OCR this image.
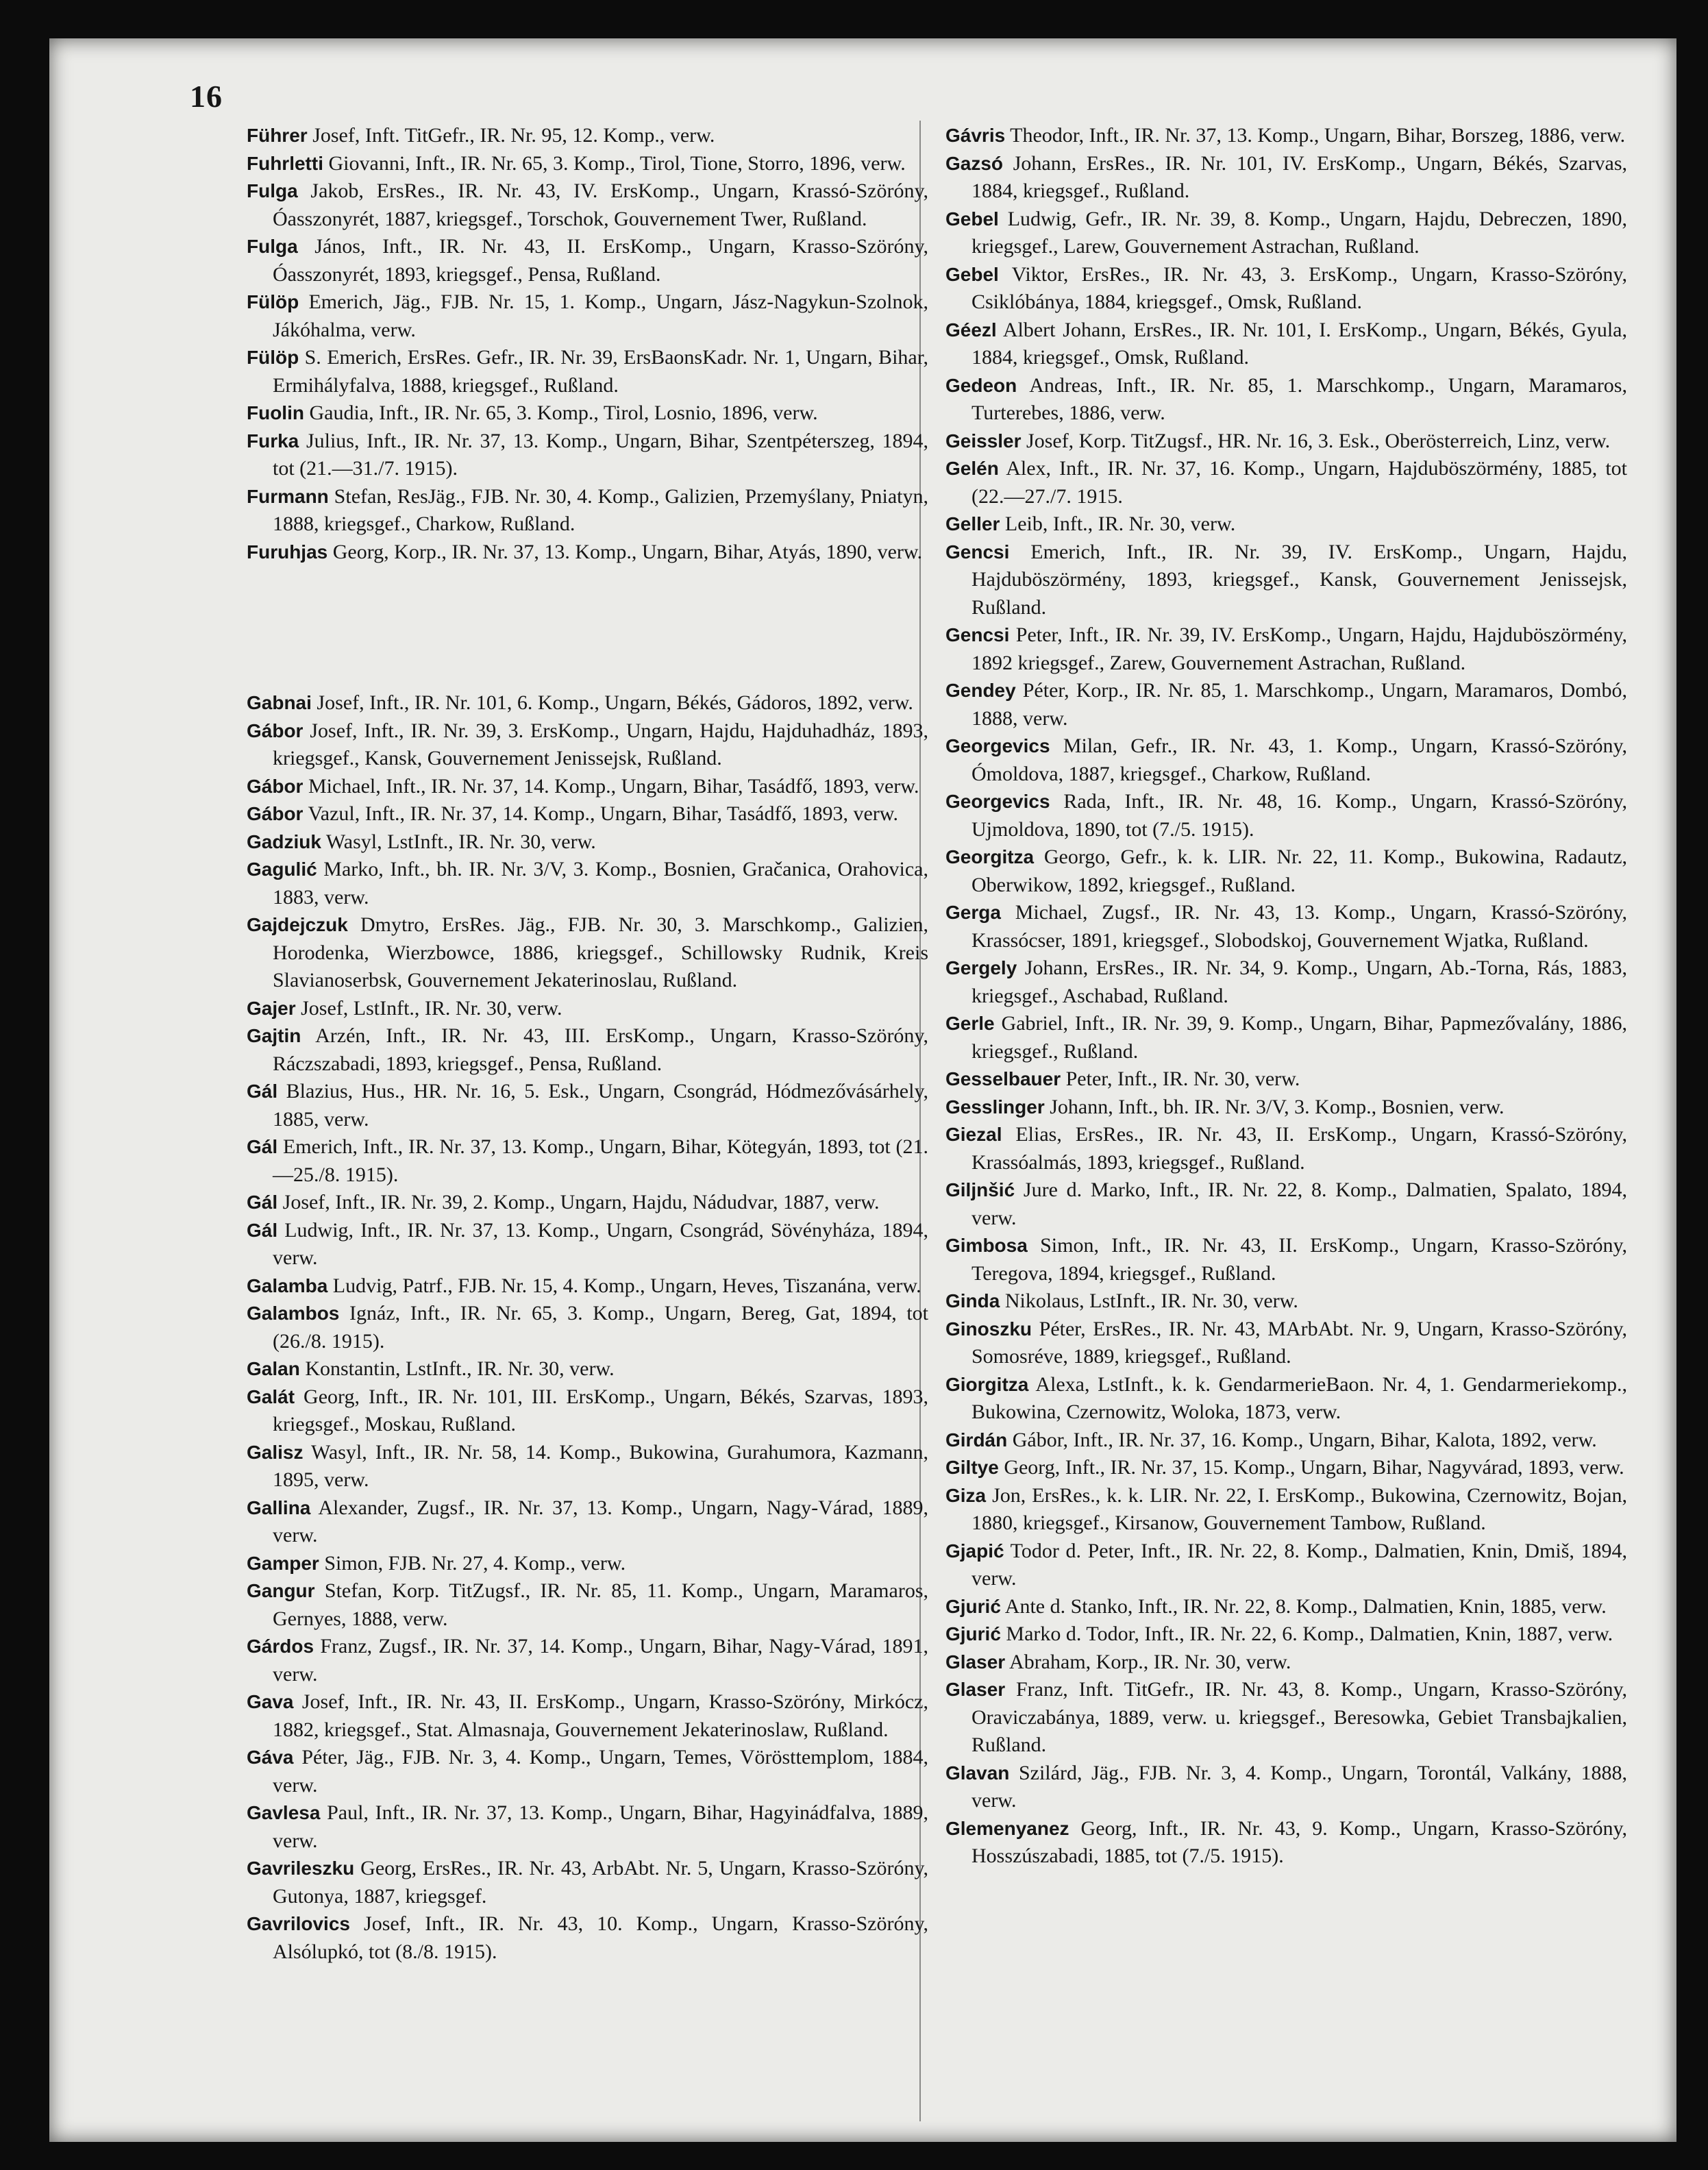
16
Führer Josef, Inft. TitGefr., IR. Nr. 95, 12. Komp., verw.
Fuhrletti Giovanni, Inft., IR. Nr. 65, 3. Komp., Tirol, Tione, Storro, 1896, verw.
Fulga Jakob, ErsRes., IR. Nr. 43, IV. ErsKomp., Ungarn, Krassó-Szöróny, Óasszonyrét, 1887, kriegsgef., Torschok, Gouvernement Twer, Rußland.
Fulga János, Inft., IR. Nr. 43, II. ErsKomp., Ungarn, Krasso-Szöróny, Óasszonyrét, 1893, kriegsgef., Pensa, Rußland.
Fülöp Emerich, Jäg., FJB. Nr. 15, 1. Komp., Ungarn, Jász-Nagykun-Szolnok, Jákóhalma, verw.
Fülöp S. Emerich, ErsRes. Gefr., IR. Nr. 39, ErsBaonsKadr. Nr. 1, Ungarn, Bihar, Ermihályfalva, 1888, kriegsgef., Rußland.
Fuolin Gaudia, Inft., IR. Nr. 65, 3. Komp., Tirol, Losnio, 1896, verw.
Furka Julius, Inft., IR. Nr. 37, 13. Komp., Ungarn, Bihar, Szentpéterszeg, 1894, tot (21.—31./7. 1915).
Furmann Stefan, ResJäg., FJB. Nr. 30, 4. Komp., Galizien, Przemyślany, Pniatyn, 1888, kriegsgef., Charkow, Rußland.
Furuhjas Georg, Korp., IR. Nr. 37, 13. Komp., Ungarn, Bihar, Atyás, 1890, verw.
Gabnai Josef, Inft., IR. Nr. 101, 6. Komp., Ungarn, Békés, Gádoros, 1892, verw.
Gábor Josef, Inft., IR. Nr. 39, 3. ErsKomp., Ungarn, Hajdu, Hajduhadház, 1893, kriegsgef., Kansk, Gouvernement Jenissejsk, Rußland.
Gábor Michael, Inft., IR. Nr. 37, 14. Komp., Ungarn, Bihar, Tasádfő, 1893, verw.
Gábor Vazul, Inft., IR. Nr. 37, 14. Komp., Ungarn, Bihar, Tasádfő, 1893, verw.
Gadziuk Wasyl, LstInft., IR. Nr. 30, verw.
Gagulić Marko, Inft., bh. IR. Nr. 3/V, 3. Komp., Bosnien, Gračanica, Orahovica, 1883, verw.
Gajdejczuk Dmytro, ErsRes. Jäg., FJB. Nr. 30, 3. Marschkomp., Galizien, Horodenka, Wierzbowce, 1886, kriegsgef., Schillowsky Rudnik, Kreis Slavianoserbsk, Gouvernement Jekaterinoslau, Rußland.
Gajer Josef, LstInft., IR. Nr. 30, verw.
Gajtin Arzén, Inft., IR. Nr. 43, III. ErsKomp., Ungarn, Krasso-Szöróny, Ráczszabadi, 1893, kriegsgef., Pensa, Rußland.
Gál Blazius, Hus., HR. Nr. 16, 5. Esk., Ungarn, Csongrád, Hódmezővásárhely, 1885, verw.
Gál Emerich, Inft., IR. Nr. 37, 13. Komp., Ungarn, Bihar, Kötegyán, 1893, tot (21.—25./8. 1915).
Gál Josef, Inft., IR. Nr. 39, 2. Komp., Ungarn, Hajdu, Nádudvar, 1887, verw.
Gál Ludwig, Inft., IR. Nr. 37, 13. Komp., Ungarn, Csongrád, Sövényháza, 1894, verw.
Galamba Ludvig, Patrf., FJB. Nr. 15, 4. Komp., Ungarn, Heves, Tiszanána, verw.
Galambos Ignáz, Inft., IR. Nr. 65, 3. Komp., Ungarn, Bereg, Gat, 1894, tot (26./8. 1915).
Galan Konstantin, LstInft., IR. Nr. 30, verw.
Galát Georg, Inft., IR. Nr. 101, III. ErsKomp., Ungarn, Békés, Szarvas, 1893, kriegsgef., Moskau, Rußland.
Galisz Wasyl, Inft., IR. Nr. 58, 14. Komp., Bukowina, Gurahumora, Kazmann, 1895, verw.
Gallina Alexander, Zugsf., IR. Nr. 37, 13. Komp., Ungarn, Nagy-Várad, 1889, verw.
Gamper Simon, FJB. Nr. 27, 4. Komp., verw.
Gangur Stefan, Korp. TitZugsf., IR. Nr. 85, 11. Komp., Ungarn, Maramaros, Gernyes, 1888, verw.
Gárdos Franz, Zugsf., IR. Nr. 37, 14. Komp., Ungarn, Bihar, Nagy-Várad, 1891, verw.
Gava Josef, Inft., IR. Nr. 43, II. ErsKomp., Ungarn, Krasso-Szöróny, Mirkócz, 1882, kriegsgef., Stat. Almasnaja, Gouvernement Jekaterinoslaw, Rußland.
Gáva Péter, Jäg., FJB. Nr. 3, 4. Komp., Ungarn, Temes, Vörösttemplom, 1884, verw.
Gavlesa Paul, Inft., IR. Nr. 37, 13. Komp., Ungarn, Bihar, Hagyinádfalva, 1889, verw.
Gavrileszku Georg, ErsRes., IR. Nr. 43, ArbAbt. Nr. 5, Ungarn, Krasso-Szöróny, Gutonya, 1887, kriegsgef.
Gavrilovics Josef, Inft., IR. Nr. 43, 10. Komp., Ungarn, Krasso-Szöróny, Alsólupkó, tot (8./8. 1915).
Gávris Theodor, Inft., IR. Nr. 37, 13. Komp., Ungarn, Bihar, Borszeg, 1886, verw.
Gazsó Johann, ErsRes., IR. Nr. 101, IV. ErsKomp., Ungarn, Békés, Szarvas, 1884, kriegsgef., Rußland.
Gebel Ludwig, Gefr., IR. Nr. 39, 8. Komp., Ungarn, Hajdu, Debreczen, 1890, kriegsgef., Larew, Gouvernement Astrachan, Rußland.
Gebel Viktor, ErsRes., IR. Nr. 43, 3. ErsKomp., Ungarn, Krasso-Szöróny, Csiklóbánya, 1884, kriegsgef., Omsk, Rußland.
Géezl Albert Johann, ErsRes., IR. Nr. 101, I. ErsKomp., Ungarn, Békés, Gyula, 1884, kriegsgef., Omsk, Rußland.
Gedeon Andreas, Inft., IR. Nr. 85, 1. Marschkomp., Ungarn, Maramaros, Turterebes, 1886, verw.
Geissler Josef, Korp. TitZugsf., HR. Nr. 16, 3. Esk., Oberösterreich, Linz, verw.
Gelén Alex, Inft., IR. Nr. 37, 16. Komp., Ungarn, Hajduböszörmény, 1885, tot (22.—27./7. 1915.
Geller Leib, Inft., IR. Nr. 30, verw.
Gencsi Emerich, Inft., IR. Nr. 39, IV. ErsKomp., Ungarn, Hajdu, Hajduböszörmény, 1893, kriegsgef., Kansk, Gouvernement Jenissejsk, Rußland.
Gencsi Peter, Inft., IR. Nr. 39, IV. ErsKomp., Ungarn, Hajdu, Hajduböszörmény, 1892 kriegsgef., Zarew, Gouvernement Astrachan, Rußland.
Gendey Péter, Korp., IR. Nr. 85, 1. Marschkomp., Ungarn, Maramaros, Dombó, 1888, verw.
Georgevics Milan, Gefr., IR. Nr. 43, 1. Komp., Ungarn, Krassó-Szöróny, Ómoldova, 1887, kriegsgef., Charkow, Rußland.
Georgevics Rada, Inft., IR. Nr. 48, 16. Komp., Ungarn, Krassó-Szöróny, Ujmoldova, 1890, tot (7./5. 1915).
Georgitza Georgo, Gefr., k. k. LIR. Nr. 22, 11. Komp., Bukowina, Radautz, Oberwikow, 1892, kriegsgef., Rußland.
Gerga Michael, Zugsf., IR. Nr. 43, 13. Komp., Ungarn, Krassó-Szöróny, Krassócser, 1891, kriegsgef., Slobodskoj, Gouvernement Wjatka, Rußland.
Gergely Johann, ErsRes., IR. Nr. 34, 9. Komp., Ungarn, Ab.-Torna, Rás, 1883, kriegsgef., Aschabad, Rußland.
Gerle Gabriel, Inft., IR. Nr. 39, 9. Komp., Ungarn, Bihar, Papmezővalány, 1886, kriegsgef., Rußland.
Gesselbauer Peter, Inft., IR. Nr. 30, verw.
Gesslinger Johann, Inft., bh. IR. Nr. 3/V, 3. Komp., Bosnien, verw.
Giezal Elias, ErsRes., IR. Nr. 43, II. ErsKomp., Ungarn, Krassó-Szöróny, Krassóalmás, 1893, kriegsgef., Rußland.
Giljnšić Jure d. Marko, Inft., IR. Nr. 22, 8. Komp., Dalmatien, Spalato, 1894, verw.
Gimbosa Simon, Inft., IR. Nr. 43, II. ErsKomp., Ungarn, Krasso-Szöróny, Teregova, 1894, kriegsgef., Rußland.
Ginda Nikolaus, LstInft., IR. Nr. 30, verw.
Ginoszku Péter, ErsRes., IR. Nr. 43, MArbAbt. Nr. 9, Ungarn, Krasso-Szöróny, Somosréve, 1889, kriegsgef., Rußland.
Giorgitza Alexa, LstInft., k. k. GendarmerieBaon. Nr. 4, 1. Gendarmeriekomp., Bukowina, Czernowitz, Woloka, 1873, verw.
Girdán Gábor, Inft., IR. Nr. 37, 16. Komp., Ungarn, Bihar, Kalota, 1892, verw.
Giltye Georg, Inft., IR. Nr. 37, 15. Komp., Ungarn, Bihar, Nagyvárad, 1893, verw.
Giza Jon, ErsRes., k. k. LIR. Nr. 22, I. ErsKomp., Bukowina, Czernowitz, Bojan, 1880, kriegsgef., Kirsanow, Gouvernement Tambow, Rußland.
Gjapić Todor d. Peter, Inft., IR. Nr. 22, 8. Komp., Dalmatien, Knin, Dmiš, 1894, verw.
Gjurić Ante d. Stanko, Inft., IR. Nr. 22, 8. Komp., Dalmatien, Knin, 1885, verw.
Gjurić Marko d. Todor, Inft., IR. Nr. 22, 6. Komp., Dalmatien, Knin, 1887, verw.
Glaser Abraham, Korp., IR. Nr. 30, verw.
Glaser Franz, Inft. TitGefr., IR. Nr. 43, 8. Komp., Ungarn, Krasso-Szöróny, Oraviczabánya, 1889, verw. u. kriegsgef., Beresowka, Gebiet Transbajkalien, Rußland.
Glavan Szilárd, Jäg., FJB. Nr. 3, 4. Komp., Ungarn, Torontál, Valkány, 1888, verw.
Glemenyanez Georg, Inft., IR. Nr. 43, 9. Komp., Ungarn, Krasso-Szöróny, Hosszúszabadi, 1885, tot (7./5. 1915).
